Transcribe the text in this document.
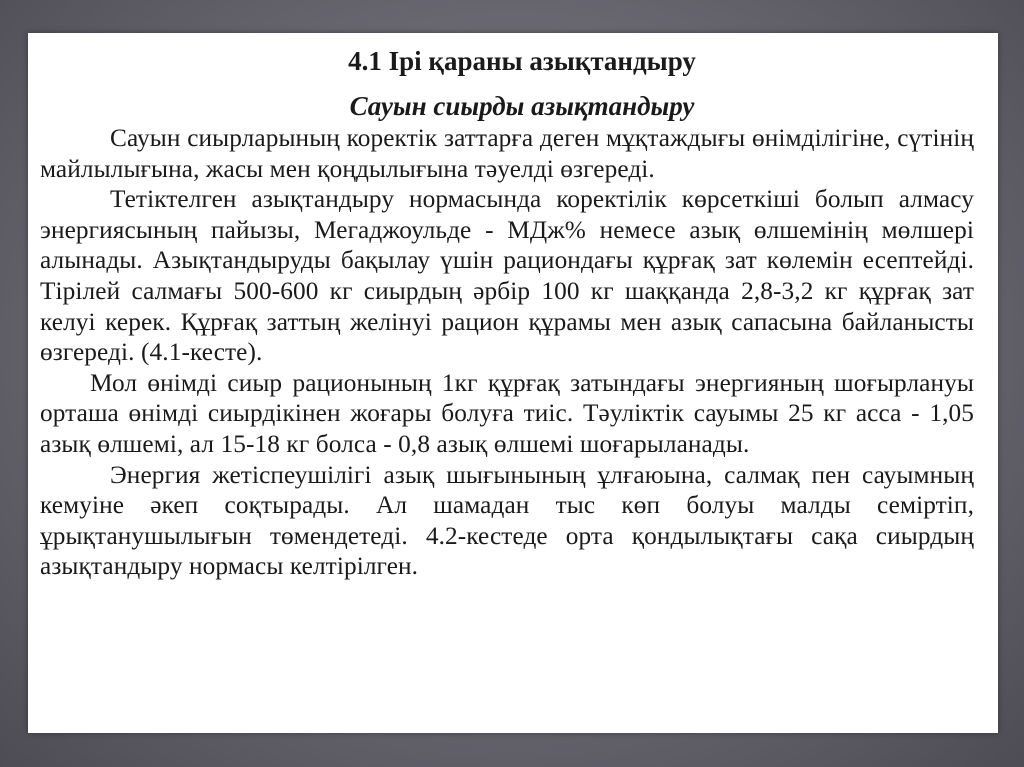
4.1 Ірі қараны азықтандыру
Сауын сиырды азықтандыру
Сауын сиырларының коректік заттарға деген мұқтаждығы өнімділігіне, сүтінің майлылығына, жасы мен қоңдылығына тәуелді өзгереді.
Тетіктелген азықтандыру нормасында коректілік көрсеткіші болып алмасу энергиясының пайызы, Мегаджоульде - МДж% немесе азық өлшемінің мөлшері алынады. Азықтандыруды бақылау үшін рациондағы құрғақ зат көлемін есептейді. Тірілей салмағы 500-600 кг сиырдың әрбір 100 кг шаққанда 2,8-3,2 кг құрғақ зат келуі керек. Құрғақ заттың желінуі рацион құрамы мен азық сапасына байланысты өзгереді. (4.1-кесте).
Мол өнімді сиыр рационының 1кг құрғақ затындағы энергияның шоғырлануы орташа өнімді сиырдікінен жоғары болуға тиіс. Тәуліктік сауымы 25 кг асса - 1,05 азық өлшемі, ал 15-18 кг болса - 0,8 азық өлшемі шоғарыланады.
Энергия жетіспеушілігі азық шығынының ұлғаюына, салмақ пен сауымның кемуіне әкеп соқтырады. Ал шамадан тыс көп болуы малды семіртіп, ұрықтанушылығын төмендетеді. 4.2-кестеде орта қондылықтағы сақа сиырдың азықтандыру нормасы келтірілген.
